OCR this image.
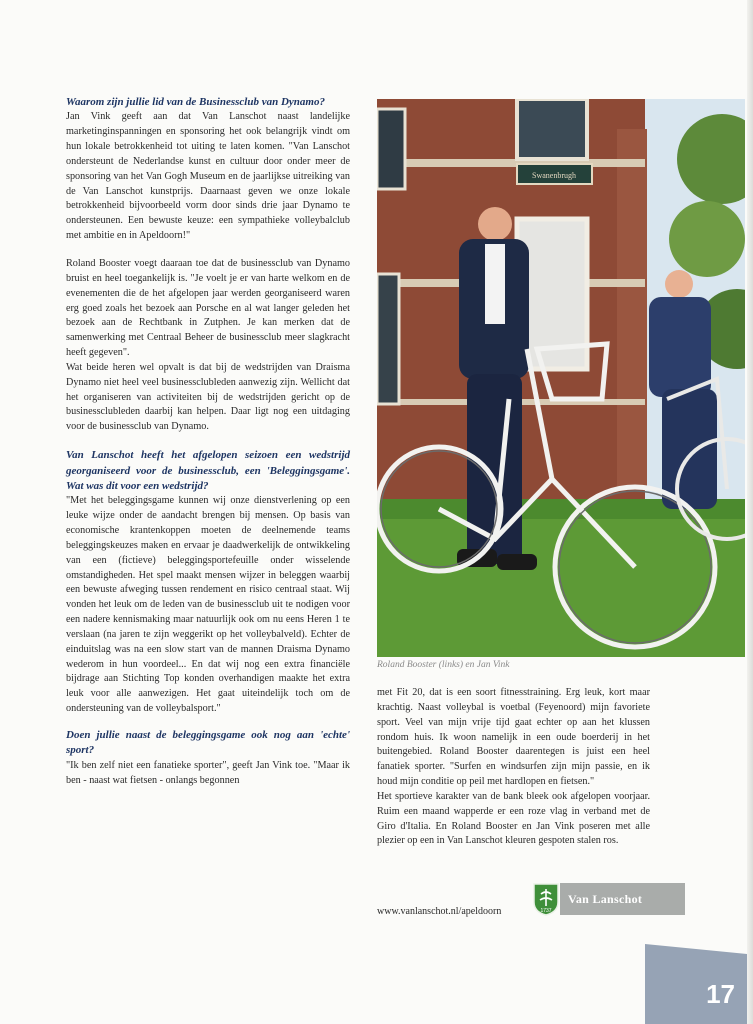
Waarom zijn jullie lid van de Businessclub van Dynamo?

Jan Vink geeft aan dat Van Lanschot naast landelijke marketinginspanningen en sponsoring het ook belangrijk vindt om hun lokale betrokkenheid tot uiting te laten komen. "Van Lanschot ondersteunt de Nederlandse kunst en cultuur door onder meer de sponsoring van het Van Gogh Museum en de jaarlijkse uitreiking van de Van Lanschot kunstprijs. Daarnaast geven we onze lokale betrokkenheid bijvoorbeeld vorm door sinds drie jaar Dynamo te ondersteunen. Een bewuste keuze: een sympathieke volleybalclub met ambitie en in Apeldoorn!"

Roland Booster voegt daaraan toe dat de businessclub van Dynamo bruist en heel toegankelijk is. "Je voelt je er van harte welkom en de evenementen die de het afgelopen jaar werden georganiseerd waren erg goed zoals het bezoek aan Porsche en al wat langer geleden het bezoek aan de Rechtbank in Zutphen. Je kan merken dat de samenwerking met Centraal Beheer de businessclub meer slagkracht heeft gegeven".

Wat beide heren wel opvalt is dat bij de wedstrijden van Draisma Dynamo niet heel veel businessclubleden aanwezig zijn. Wellicht dat het organiseren van activiteiten bij de wedstrijden gericht op de businessclubleden daarbij kan helpen. Daar ligt nog een uitdaging voor de businessclub van Dynamo.

Van Lanschot heeft het afgelopen seizoen een wedstrijd georganiseerd voor de businessclub, een 'Beleggingsgame'. Wat was dit voor een wedstrijd?

"Met het beleggingsgame kunnen wij onze dienstverlening op een leuke wijze onder de aandacht brengen bij mensen. Op basis van economische krantenkoppen moeten de deelnemende teams beleggingskeuzes maken en ervaar je daadwerkelijk de ontwikkeling van een (fictieve) beleggingsportefeuille onder wisselende omstandigheden. Het spel maakt mensen wijzer in beleggen waarbij een bewuste afweging tussen rendement en risico centraal staat. Wij vonden het leuk om de leden van de businessclub uit te nodigen voor een nadere kennismaking maar natuurlijk ook om nu eens Heren 1 te verslaan (na jaren te zijn weggerikt op het volleybalveld). Echter de einduitslag was na een slow start van de mannen Draisma Dynamo wederom in hun voordeel... En dat wij nog een extra financiële bijdrage aan Stichting Top konden overhandigen maakte het extra leuk voor alle aanwezigen. Het gaat uiteindelijk toch om de ondersteuning van de volleybalsport."

Doen jullie naast de beleggingsgame ook nog aan 'echte' sport?

"Ik ben zelf niet een fanatieke sporter", geeft Jan Vink toe. "Maar ik ben - naast wat fietsen - onlangs begonnen

Swanenbrugh
Roland Booster (links) en Jan Vink

met Fit 20, dat is een soort fitnesstraining. Erg leuk, kort maar krachtig. Naast volleybal is voetbal (Feyenoord) mijn favoriete sport. Veel van mijn vrije tijd gaat echter op aan het klussen rondom huis. Ik woon namelijk in een oude boerderij in het buitengebied. Roland Booster daarentegen is juist een heel fanatiek sporter. "Surfen en windsurfen zijn mijn passie, en ik houd mijn conditie op peil met hardlopen en fietsen."

Het sportieve karakter van de bank bleek ook afgelopen voorjaar. Ruim een maand wapperde er een roze vlag in verband met de Giro d'Italia. En Roland Booster en Jan Vink poseren met alle plezier op een in Van Lanschot kleuren gespoten stalen ros.

1737
Van Lanschot
www.vanlanschot.nl/apeldoorn
17
